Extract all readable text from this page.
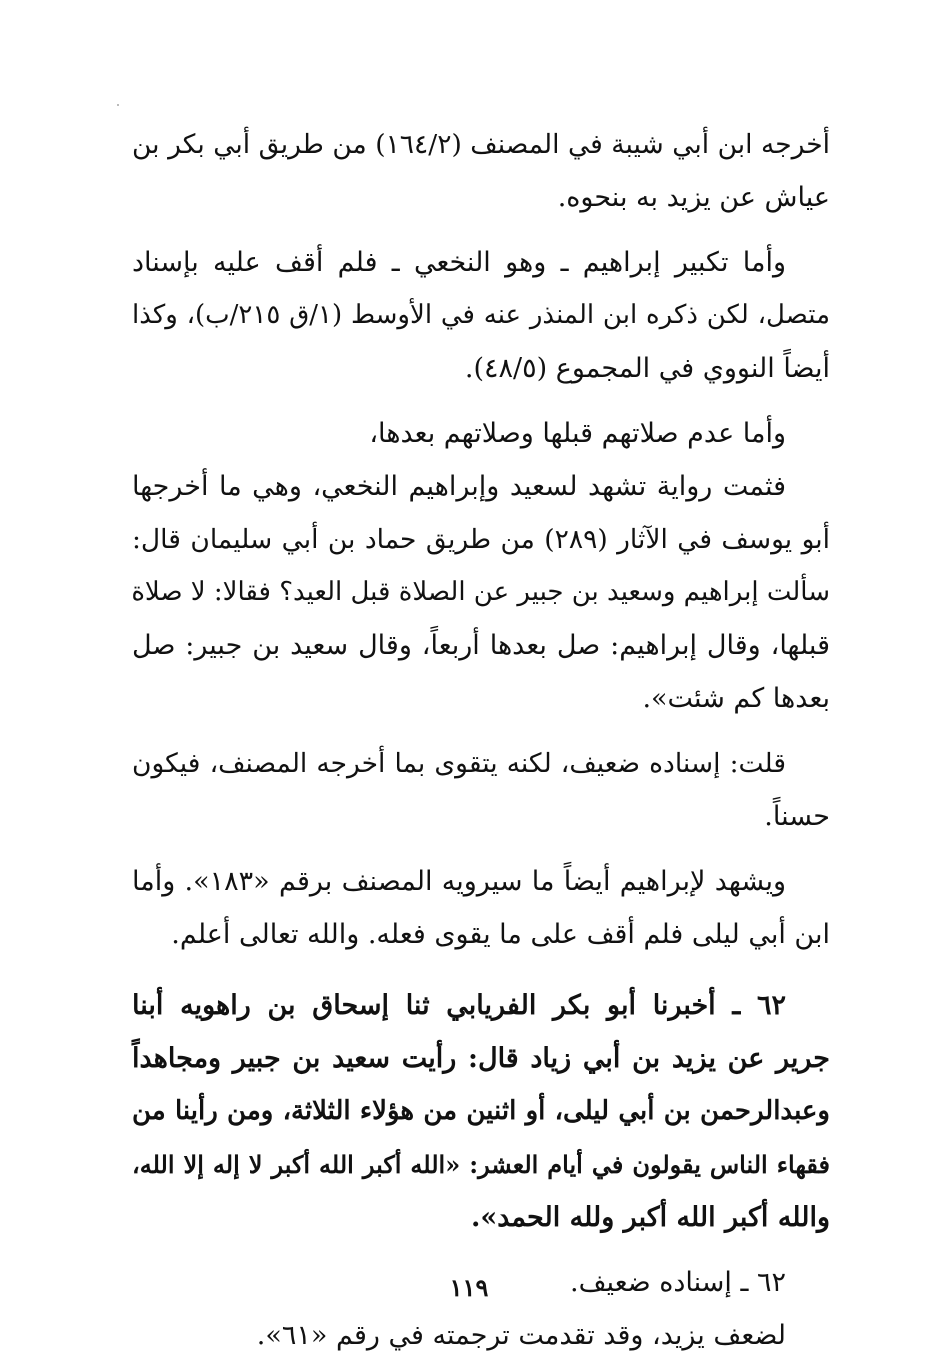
أخرجه ابن أبي شيبة في المصنف (١٦٤/٢) من طريق أبي بكر بن
عياش عن يزيد به بنحوه.
وأما تكبير إبراهيم ـ وهو النخعي ـ فلم أقف عليه بإسناد
متصل، لكن ذكره ابن المنذر عنه في الأوسط (١/ق ٢١٥/ب)، وكذا
أيضاً النووي في المجموع (٤٨/٥).
وأما عدم صلاتهم قبلها وصلاتهم بعدها،
فثمت رواية تشهد لسعيد وإبراهيم النخعي، وهي ما أخرجها
أبو يوسف في الآثار (٢٨٩) من طريق حماد بن أبي سليمان قال:
سألت إبراهيم وسعيد بن جبير عن الصلاة قبل العيد؟ فقالا: لا صلاة
قبلها، وقال إبراهيم: صل بعدها أربعاً، وقال سعيد بن جبير: صل
بعدها كم شئت».
قلت: إسناده ضعيف، لكنه يتقوى بما أخرجه المصنف، فيكون
حسناً.
ويشهد لإبراهيم أيضاً ما سيرويه المصنف برقم «١٨٣». وأما
ابن أبي ليلى فلم أقف على ما يقوى فعله. والله تعالى أعلم.
٦٢ ـ أخبرنا أبو بكر الفريابي ثنا إسحاق بن راهويه أبنا
جرير عن يزيد بن أبي زياد قال: رأيت سعيد بن جبير ومجاهداً
وعبدالرحمن بن أبي ليلى، أو اثنين من هؤلاء الثلاثة، ومن رأينا من
فقهاء الناس يقولون في أيام العشر: «الله أكبر الله أكبر لا إله إلا الله،
والله أكبر الله أكبر ولله الحمد».
٦٢ ـ إسناده ضعيف.
لضعف يزيد، وقد تقدمت ترجمته في رقم «٦١».
١١٩
